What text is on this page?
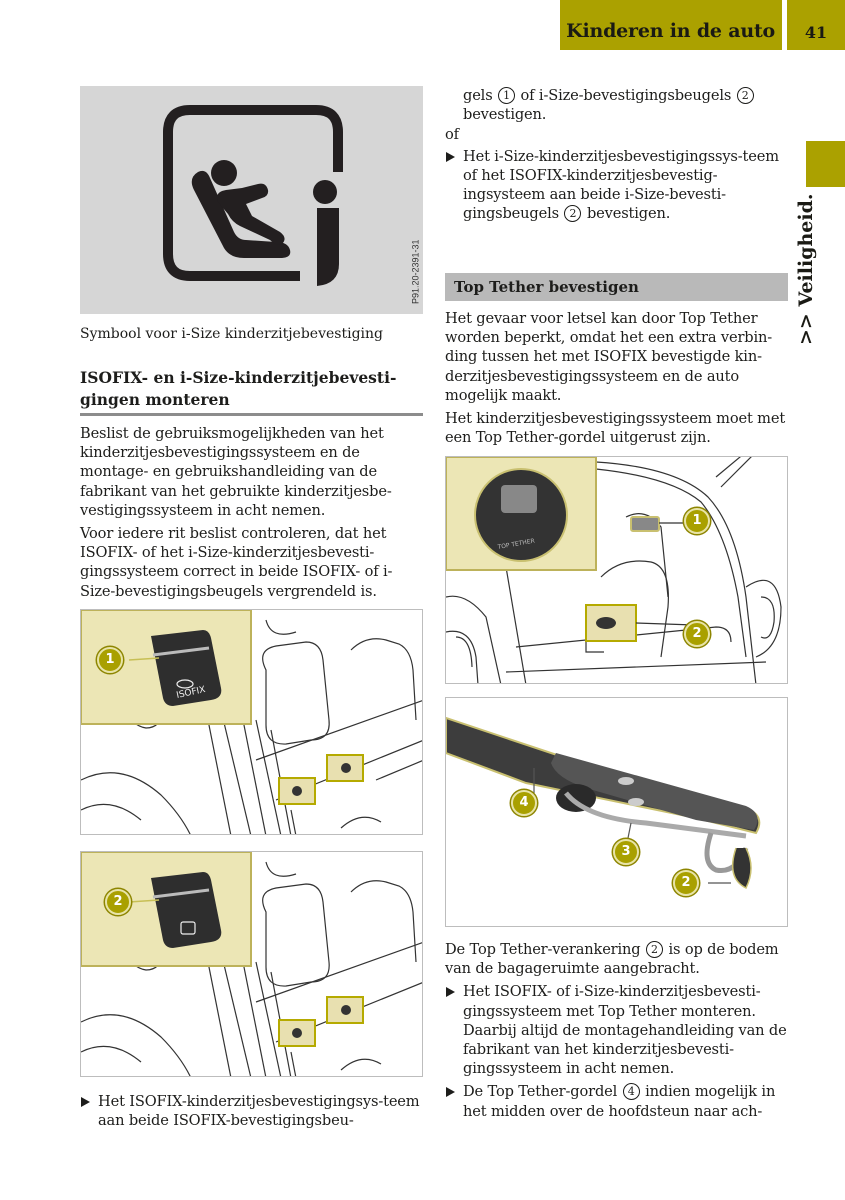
Kinderen in de auto	41
>> Veiligheid.
P91.20-2391-31
Symbool voor i-Size kinderzitjebevestiging
ISOFIX- en i-Size-kinderzitjebevesti-gingen monteren

Beslist de gebruiksmogelijkheden van het kinderzitjesbevestigingssysteem en de montage- en gebruikshandleiding van de fabrikant van het gebruikte kinderzitjesbe-vestigingssysteem in acht nemen.

Voor iedere rit beslist controleren, dat het ISOFIX- of het i-Size-kinderzitjesbevesti-gingssysteem correct in beide ISOFIX- of i-Size-bevestigingsbeugels vergrendeld is.

ISOFIX
1
2
Het ISOFIX-kinderzitjesbevestigingsys-teem aan beide ISOFIX-bevestigingsbeu-
gels 1 of i-Size-bevestigingsbeugels 2 bevestigen.

of

Het i-Size-kinderzitjesbevestigingssys-teem of het ISOFIX-kinderzitjesbevestig-ingsysteem aan beide i-Size-bevesti-gingsbeugels 2 bevestigen.
Top Tether bevestigen

Het gevaar voor letsel kan door Top Tether worden beperkt, omdat het een extra verbin-ding tussen het met ISOFIX bevestigde kin-derzitjesbevestigingssysteem en de auto mogelijk maakt.

Het kinderzitjesbevestigingssysteem moet met een Top Tether-gordel uitgerust zijn.

TOP TETHER
1
2
4
3
2

De Top Tether-verankering 2 is op de bodem van de bagageruimte aangebracht.

Het ISOFIX- of i-Size-kinderzitjesbevesti-gingssysteem met Top Tether monteren. Daarbij altijd de montagehandleiding van de fabrikant van het kinderzitjesbevesti-gingssysteem in acht nemen.
De Top Tether-gordel 4 indien mogelijk in het midden over de hoofdsteun naar ach-
